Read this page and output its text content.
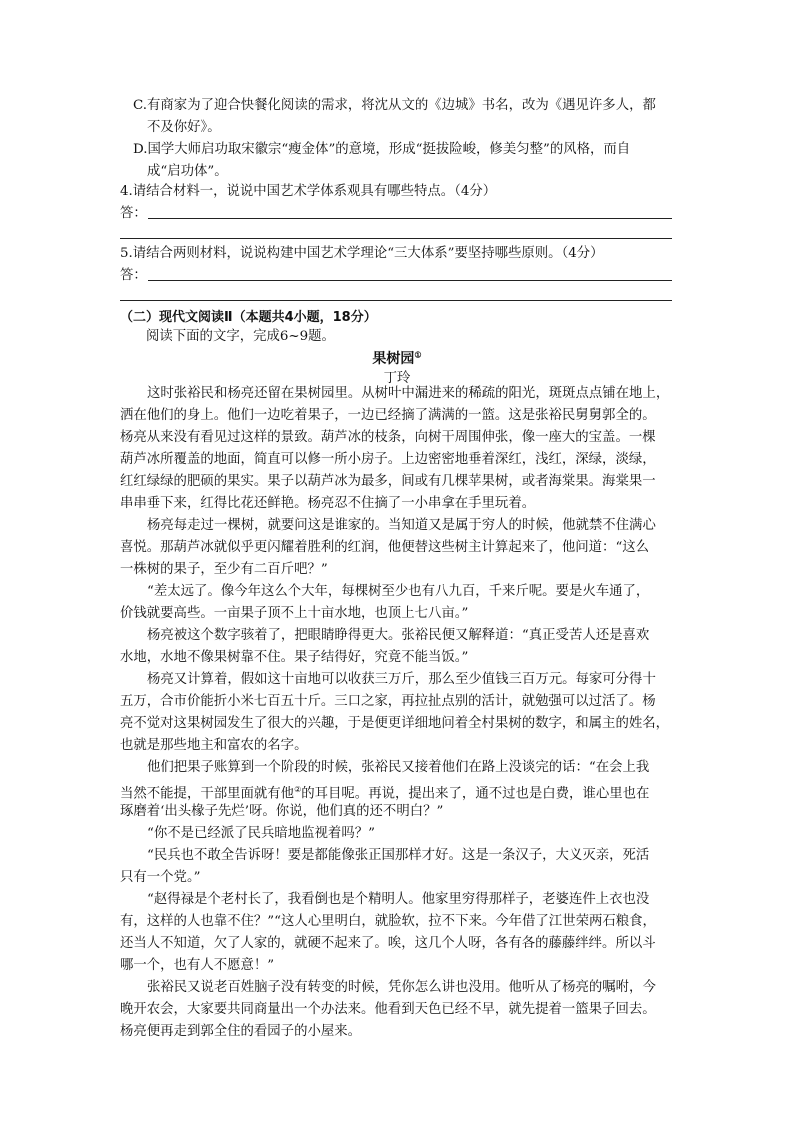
C.有商家为了迎合快餐化阅读的需求，将沈从文的《边城》书名，改为《遇见许多人，都
不及你好》。
D.国学大师启功取宋徽宗“瘦金体”的意境，形成“挺拔险峻，修美匀整”的风格，而自
成“启功体”。
4.请结合材料一，说说中国艺术学体系观具有哪些特点。（4分）
答：
5.请结合两则材料，说说构建中国艺术学理论“三大体系”要坚持哪些原则。（4分）
答：
（二）现代文阅读Ⅱ（本题共4小题，18分）
阅读下面的文字，完成6~9题。
果树园①
丁玲
这时张裕民和杨亮还留在果树园里。从树叶中漏进来的稀疏的阳光，斑斑点点铺在地上，
洒在他们的身上。他们一边吃着果子，一边已经摘了满满的一篮。这是张裕民舅舅郭全的。
杨亮从来没有看见过这样的景致。葫芦冰的枝条，向树干周围伸张，像一座大的宝盖。一棵
葫芦冰所覆盖的地面，简直可以修一所小房子。上边密密地垂着深红，浅红，深绿，淡绿，
红红绿绿的肥硕的果实。果子以葫芦冰为最多，间或有几棵苹果树，或者海棠果。海棠果一
串串垂下来，红得比花还鲜艳。杨亮忍不住摘了一小串拿在手里玩着。
杨亮每走过一棵树，就要问这是谁家的。当知道又是属于穷人的时候，他就禁不住满心
喜悦。那葫芦冰就似乎更闪耀着胜利的红润，他便替这些树主计算起来了，他问道：“这么
一株树的果子，至少有二百斤吧？”
“差太远了。像今年这么个大年，每棵树至少也有八九百，千来斤呢。要是火车通了，
价钱就要高些。一亩果子顶不上十亩水地，也顶上七八亩。”
杨亮被这个数字骇着了，把眼睛睁得更大。张裕民便又解释道：“真正受苦人还是喜欢
水地，水地不像果树靠不住。果子结得好，究竟不能当饭。”
杨亮又计算着，假如这十亩地可以收获三万斤，那么至少值钱三百万元。每家可分得十
五万，合市价能折小米七百五十斤。三口之家，再拉扯点别的活计，就勉强可以过活了。杨
亮不觉对这果树园发生了很大的兴趣，于是便更详细地问着全村果树的数字，和属主的姓名，
也就是那些地主和富农的名字。
他们把果子账算到一个阶段的时候，张裕民又接着他们在路上没谈完的话：“在会上我
当然不能提，干部里面就有他②的耳目呢。再说，提出来了，通不过也是白费，谁心里也在
琢磨着‘出头椽子先烂’呀。你说，他们真的还不明白？”
“你不是已经派了民兵暗地监视着吗？”
“民兵也不敢全告诉呀！要是都能像张正国那样才好。这是一条汉子，大义灭亲，死活
只有一个党。”
“赵得禄是个老村长了，我看倒也是个精明人。他家里穷得那样子，老婆连件上衣也没
有，这样的人也靠不住？”“这人心里明白，就脸软，拉不下来。今年借了江世荣两石粮食，
还当人不知道，欠了人家的，就硬不起来了。唉，这几个人呀，各有各的藤藤绊绊。所以斗
哪一个，也有人不愿意！”
张裕民又说老百姓脑子没有转变的时候，凭你怎么讲也没用。他听从了杨亮的嘱咐，今
晚开农会，大家要共同商量出一个办法来。他看到天色已经不早，就先提着一篮果子回去。
杨亮便再走到郭全住的看园子的小屋来。
